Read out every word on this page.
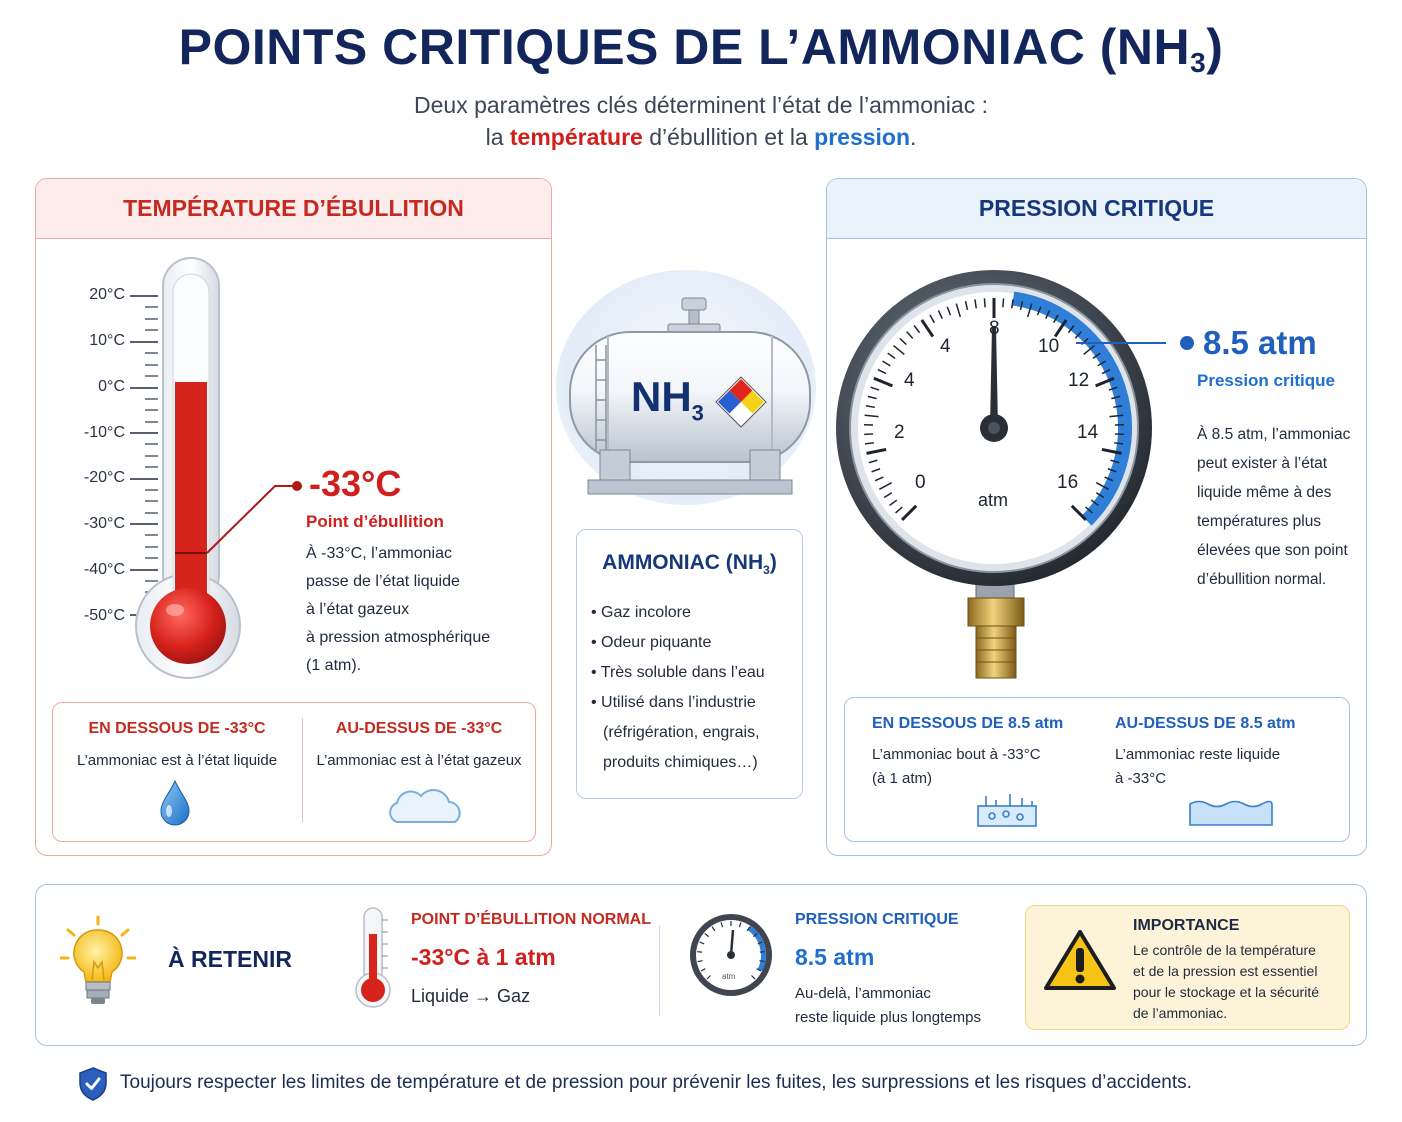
POINTS CRITIQUES DE L’AMMONIAC $(NH_3)$
Deux paramètres clés déterminent l’état de l’ammoniac :
la température d’ébullition et la pression.
TEMPÉRATURE D’ÉBULLITION
20°C
10°C
0°C
-10°C
-20°C
-30°C
-40°C
-50°C
-33°C
Point d’ébullition
À -33°C, l’ammoniac
passe de l’état liquide
à l’état gazeux
à pression atmosphérique
(1 atm).
EN DESSOUS DE -33°C
L’ammoniac est à l’état liquide
AU-DESSUS DE -33°C
L’ammoniac est à l’état gazeux
$NH_3$
AMMONIAC $(NH_3)$
• Gaz incolore
• Odeur piquante
• Très soluble dans l’eau
• Utilisé dans l’industrie
(réfrigération, engrais,
produits chimiques…)
PRESSION CRITIQUE
0
2
4
4
8
10
12
14
16
atm
8.5 atm
Pression critique
À 8.5 atm, l’ammoniac
peut exister à l’état
liquide même à des
températures plus
élevées que son point
d’ébullition normal.
EN DESSOUS DE 8.5 atm
L’ammoniac bout à -33°C
(à 1 atm)
AU-DESSUS DE 8.5 atm
L’ammoniac reste liquide
à -33°C
À RETENIR
POINT D’ÉBULLITION NORMAL
-33°C à 1 atm
Liquide → Gaz
atm
PRESSION CRITIQUE
8.5 atm
Au-delà, l’ammoniac
reste liquide plus longtemps
IMPORTANCE
Le contrôle de la température
et de la pression est essentiel
pour le stockage et la sécurité
de l’ammoniac.
Toujours respecter les limites de température et de pression pour prévenir les fuites, les surpressions et les risques d’accidents.
